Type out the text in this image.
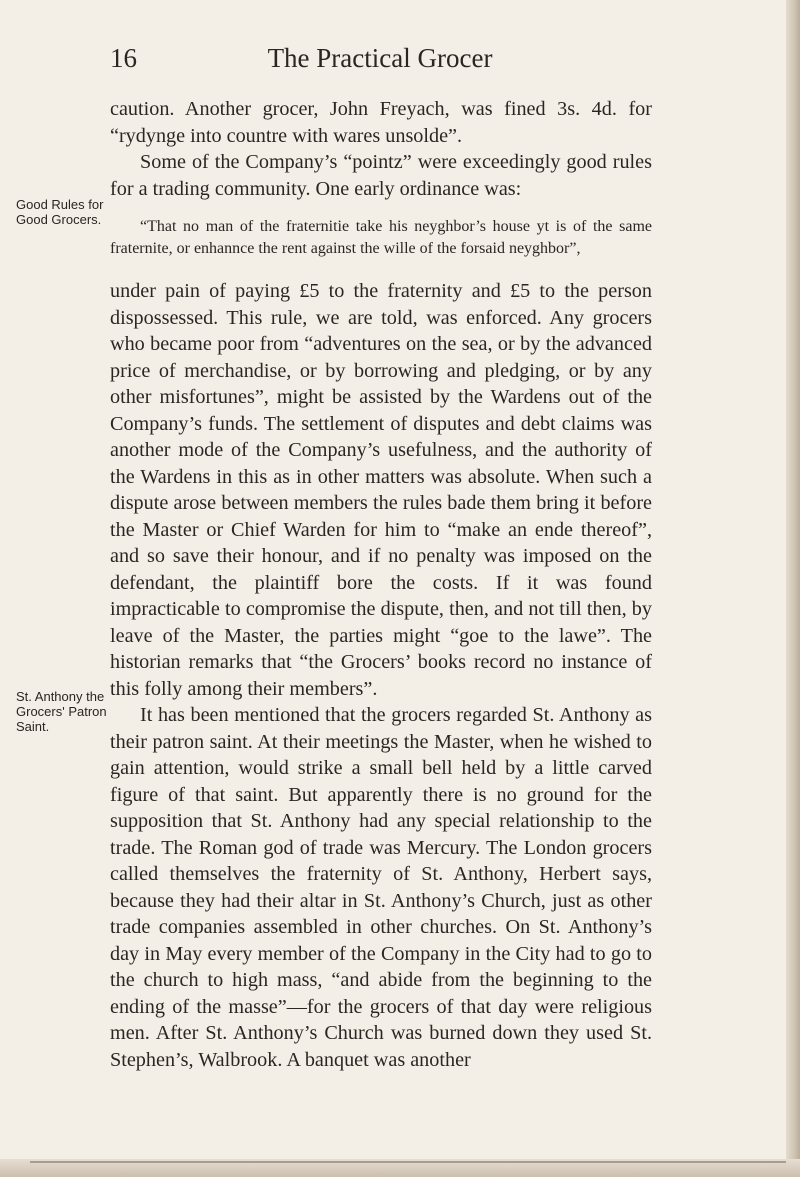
16	The Practical Grocer
Good Rules for Good Grocers.
St. Anthony the Grocers' Patron Saint.

caution. Another grocer, John Freyach, was fined 3s. 4d. for “rydynge into countre with wares unsolde”.

Some of the Company’s “pointz” were exceedingly good rules for a trading community. One early ordinance was:

“That no man of the fraternitie take his neyghbor’s house yt is of the same fraternite, or enhannce the rent against the wille of the forsaid neyghbor”,

under pain of paying £5 to the fraternity and £5 to the person dispossessed. This rule, we are told, was enforced. Any grocers who became poor from “adventures on the sea, or by the advanced price of merchandise, or by borrowing and pledging, or by any other misfortunes”, might be assisted by the Wardens out of the Company’s funds. The settlement of disputes and debt claims was another mode of the Company’s usefulness, and the authority of the Wardens in this as in other matters was absolute. When such a dispute arose between members the rules bade them bring it before the Master or Chief Warden for him to “make an ende thereof”, and so save their honour, and if no penalty was imposed on the defendant, the plaintiff bore the costs. If it was found impracticable to compromise the dispute, then, and not till then, by leave of the Master, the parties might “goe to the lawe”. The historian remarks that “the Grocers’ books record no instance of this folly among their members”.

It has been mentioned that the grocers regarded St. Anthony as their patron saint. At their meetings the Master, when he wished to gain attention, would strike a small bell held by a little carved figure of that saint. But apparently there is no ground for the supposition that St. Anthony had any special relationship to the trade. The Roman god of trade was Mercury. The London grocers called themselves the fraternity of St. Anthony, Herbert says, because they had their altar in St. Anthony’s Church, just as other trade companies assembled in other churches. On St. Anthony’s day in May every member of the Company in the City had to go to the church to high mass, “and abide from the beginning to the ending of the masse”—for the grocers of that day were religious men. After St. Anthony’s Church was burned down they used St. Stephen’s, Walbrook. A banquet was another
